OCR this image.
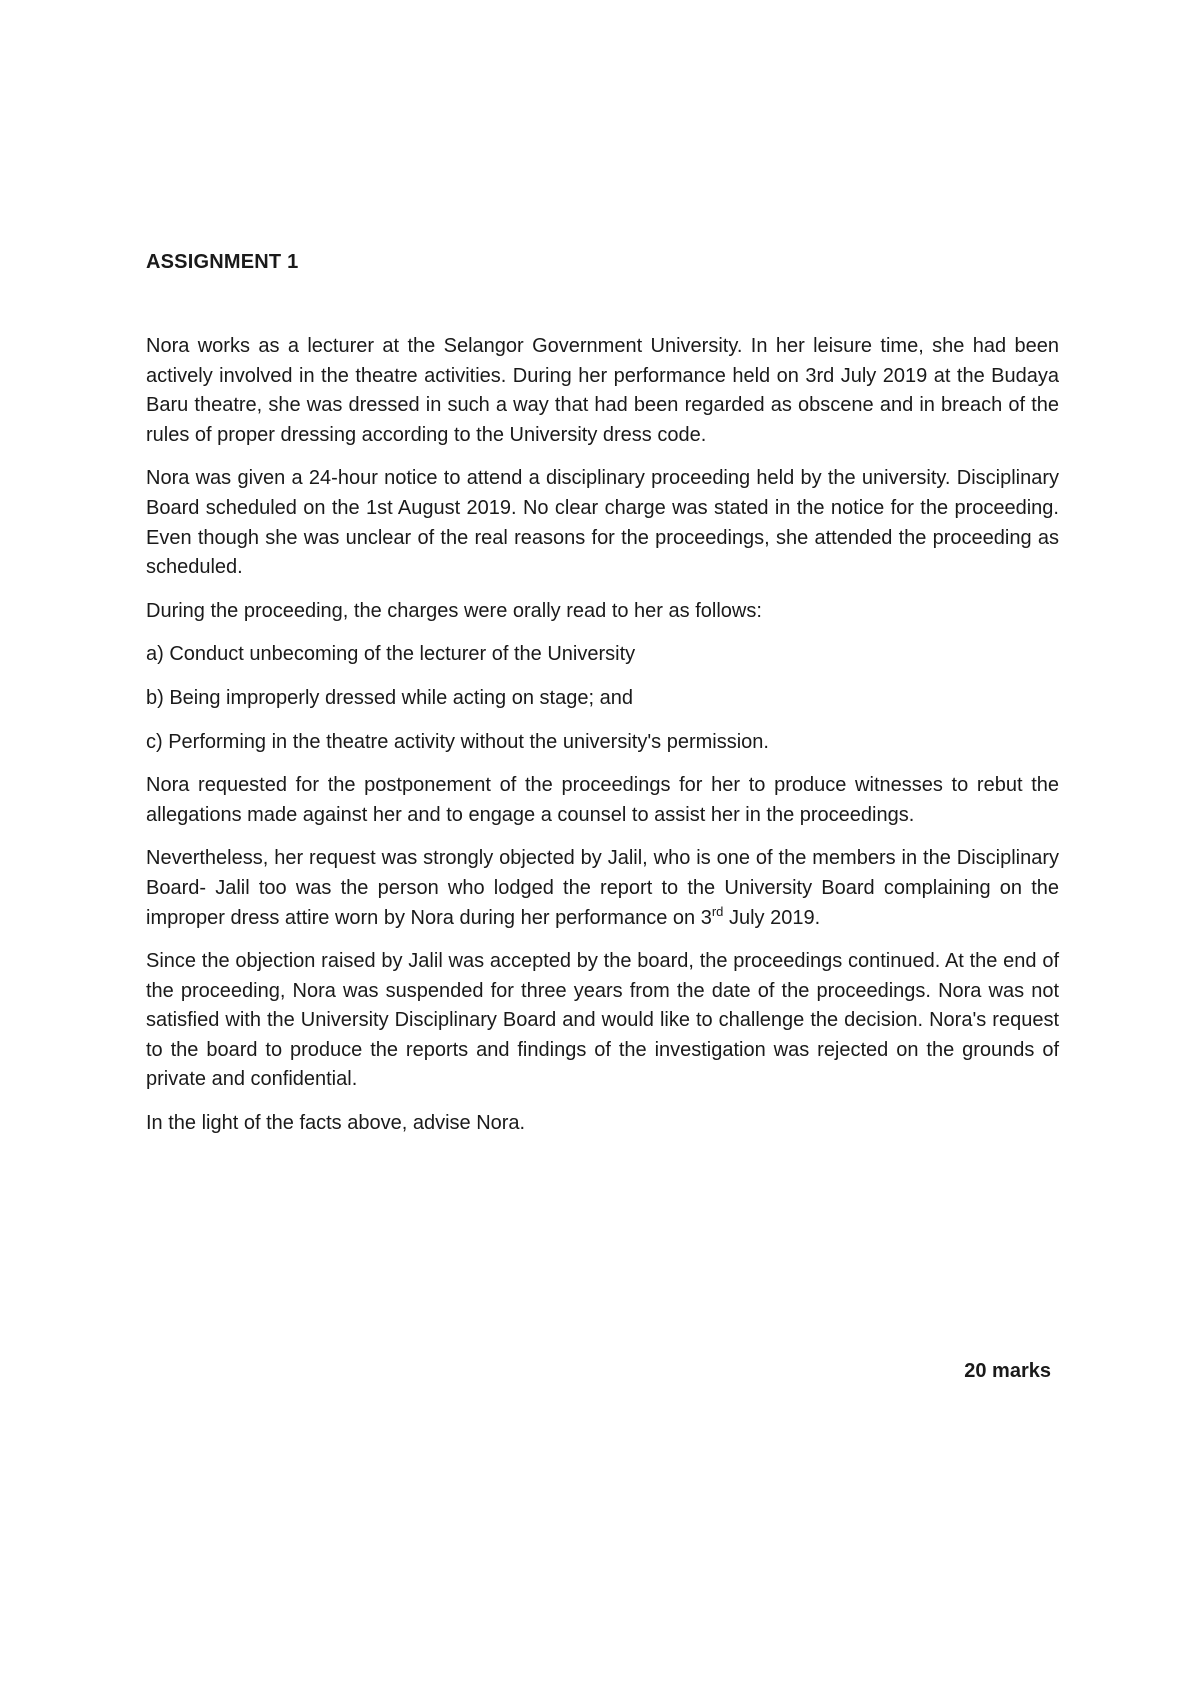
ASSIGNMENT 1

Nora works as a lecturer at the Selangor Government University. In her leisure time, she had been actively involved in the theatre activities. During her performance held on 3rd July 2019 at the Budaya Baru theatre, she was dressed in such a way that had been regarded as obscene and in breach of the rules of proper dressing according to the University dress code.

Nora was given a 24-hour notice to attend a disciplinary proceeding held by the university. Disciplinary Board scheduled on the 1st August 2019. No clear charge was stated in the notice for the proceeding. Even though she was unclear of the real reasons for the proceedings, she attended the proceeding as scheduled.

During the proceeding, the charges were orally read to her as follows:

a) Conduct unbecoming of the lecturer of the University

b) Being improperly dressed while acting on stage; and

c) Performing in the theatre activity without the university's permission.

Nora requested for the postponement of the proceedings for her to produce witnesses to rebut the allegations made against her and to engage a counsel to assist her in the proceedings.

Nevertheless, her request was strongly objected by Jalil, who is one of the members in the Disciplinary Board- Jalil too was the person who lodged the report to the University Board complaining on the improper dress attire worn by Nora during her performance on 3rd July 2019.

Since the objection raised by Jalil was accepted by the board, the proceedings continued. At the end of the proceeding, Nora was suspended for three years from the date of the proceedings. Nora was not satisfied with the University Disciplinary Board and would like to challenge the decision. Nora's request to the board to produce the reports and findings of the investigation was rejected on the grounds of private and confidential.

In the light of the facts above, advise Nora.

20 marks
